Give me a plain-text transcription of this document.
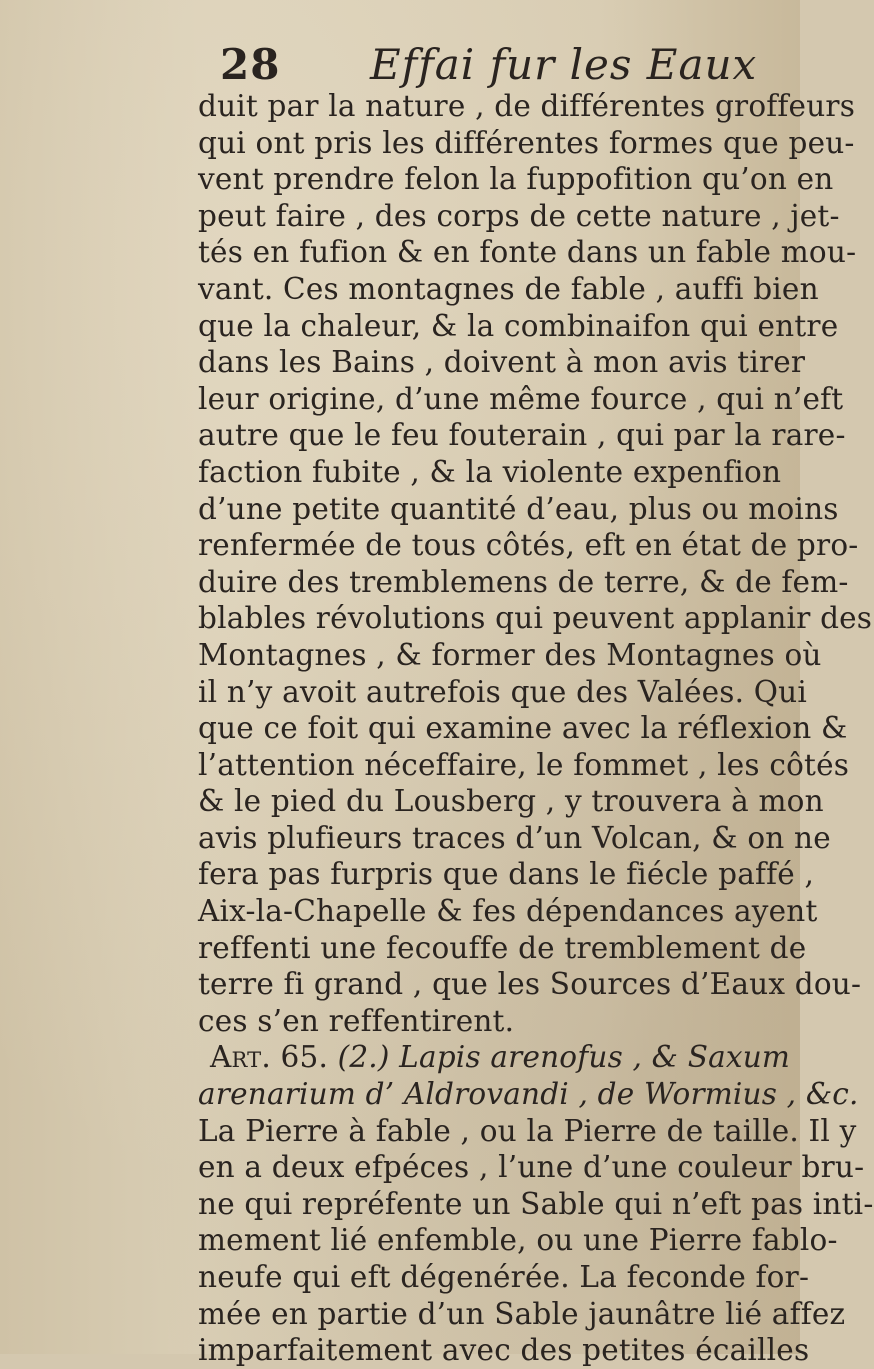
28 Effai fur les Eaux
duit par la nature , de différentes groffeurs
qui ont pris les différentes formes que peu-
vent prendre felon la fuppofition qu’on en
peut faire , des corps de cette nature , jet-
tés en fufion & en fonte dans un fable mou-
vant. Ces montagnes de fable , auffi bien
que la chaleur, & la combinaifon qui entre
dans les Bains , doivent à mon avis tirer
leur origine, d’une même fource , qui n’eft
autre que le feu fouterain , qui par la rare-
faction fubite , & la violente expenfion
d’une petite quantité d’eau, plus ou moins
renfermée de tous côtés, eft en état de pro-
duire des tremblemens de terre, & de fem-
blables révolutions qui peuvent applanir des
Montagnes , & former des Montagnes où
il n’y avoit autrefois que des Valées. Qui
que ce foit qui examine avec la réflexion &
l’attention néceffaire, le fommet , les côtés
& le pied du Lousberg , y trouvera à mon
avis plufieurs traces d’un Volcan, & on ne
fera pas furpris que dans le fiécle paffé ,
Aix-la-Chapelle & fes dépendances ayent
reffenti une fecouffe de tremblement de
terre fi grand , que les Sources d’Eaux dou-
ces s’en reffentirent.
Art. 65. (2.) Lapis arenofus , & Saxum
arenarium d’ Aldrovandi , de Wormius , &c.
La Pierre à fable , ou la Pierre de taille. Il y
en a deux efpéces , l’une d’une couleur bru-
ne qui repréfente un Sable qui n’eft pas inti-
mement lié enfemble, ou une Pierre fablo-
neufe qui eft dégenérée. La feconde for-
mée en partie d’un Sable jaunâtre lié affez
imparfaitement avec des petites écailles
